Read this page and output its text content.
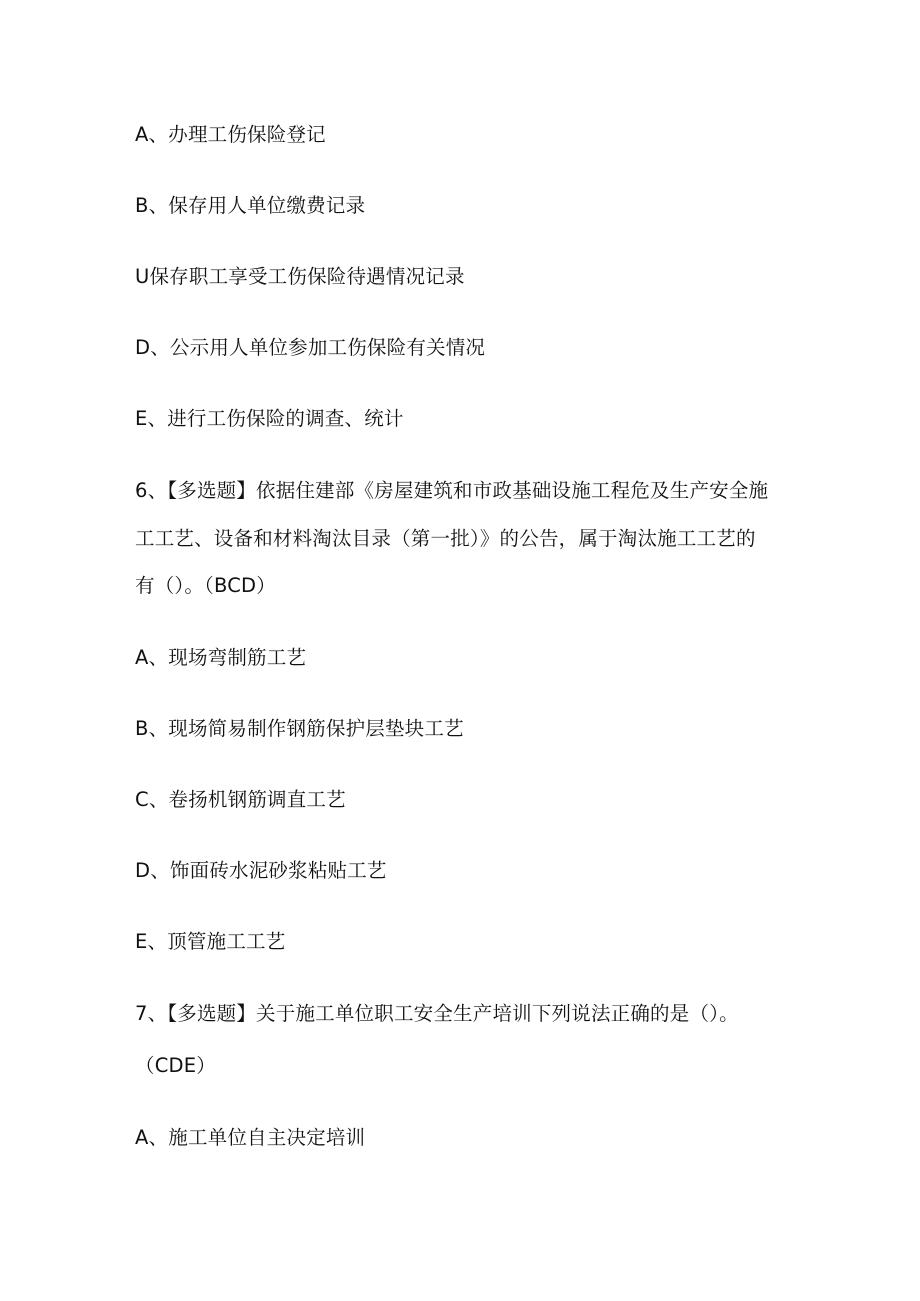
A、办理工伤保险登记
B、保存用人单位缴费记录
U保存职工享受工伤保险待遇情况记录
D、公示用人单位参加工伤保险有关情况
E、进行工伤保险的调查、统计
6、【多选题】依据住建部《房屋建筑和市政基础设施工程危及生产安全施
工工艺、设备和材料淘汰目录（第一批）》的公告，属于淘汰施工工艺的
有（）。（BCD）
A、现场弯制筋工艺
B、现场简易制作钢筋保护层垫块工艺
C、卷扬机钢筋调直工艺
D、饰面砖水泥砂浆粘贴工艺
E、顶管施工工艺
7、【多选题】关于施工单位职工安全生产培训下列说法正确的是（）。
（CDE）
A、施工单位自主决定培训
